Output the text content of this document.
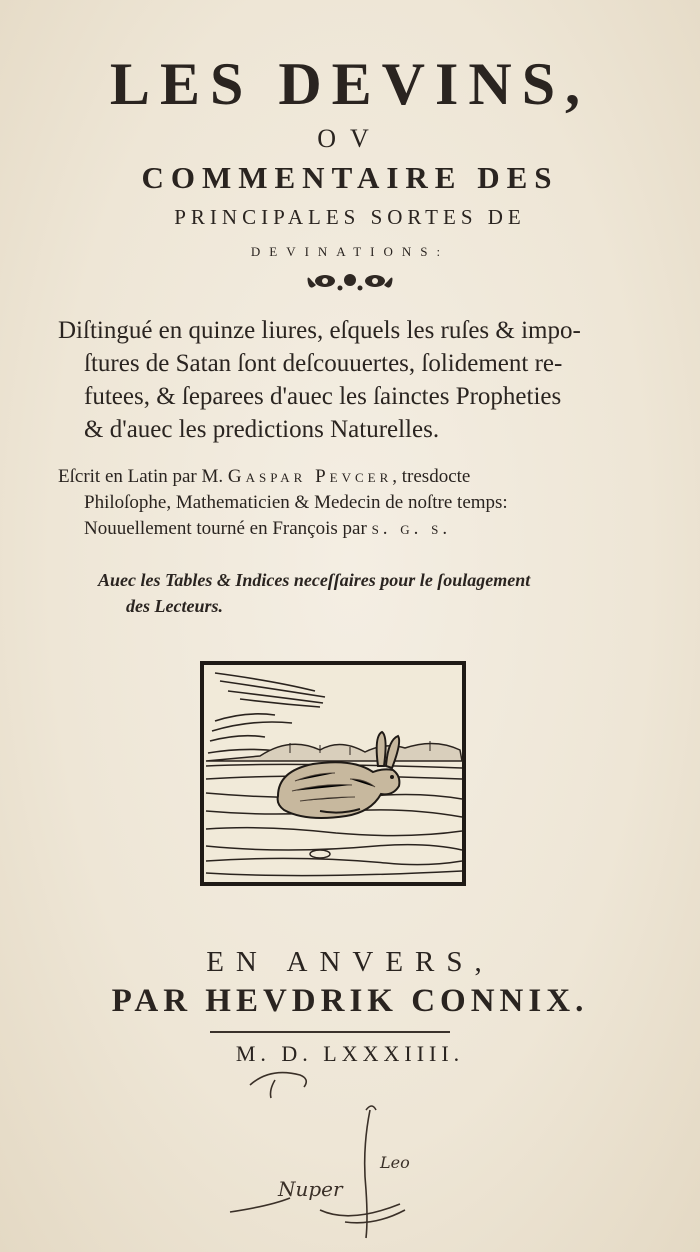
LES DEVINS,
OV
COMMENTAIRE DES
PRINCIPALES SORTES DE
DEVINATIONS:
Diſtingué en quinze liures, eſquels les ruſes & impo-
ſtures de Satan ſont deſcouuertes, ſolidement re-
futees, & ſeparees d'auec les ſainctes Propheties
& d'auec les predictions Naturelles.
Eſcrit en Latin par M. Gaspar Pevcer, tresdocte
Philoſophe, Mathematicien & Medecin de noſtre temps:
Nouuellement tourné en François par s. g. s.
Auec les Tables & Indices neceſſaires pour le ſoulagement
des Lecteurs.
EN ANVERS,
PAR HEVDRIK CONNIX.
M. D. LXXXIIII.
Nuper
Leo
